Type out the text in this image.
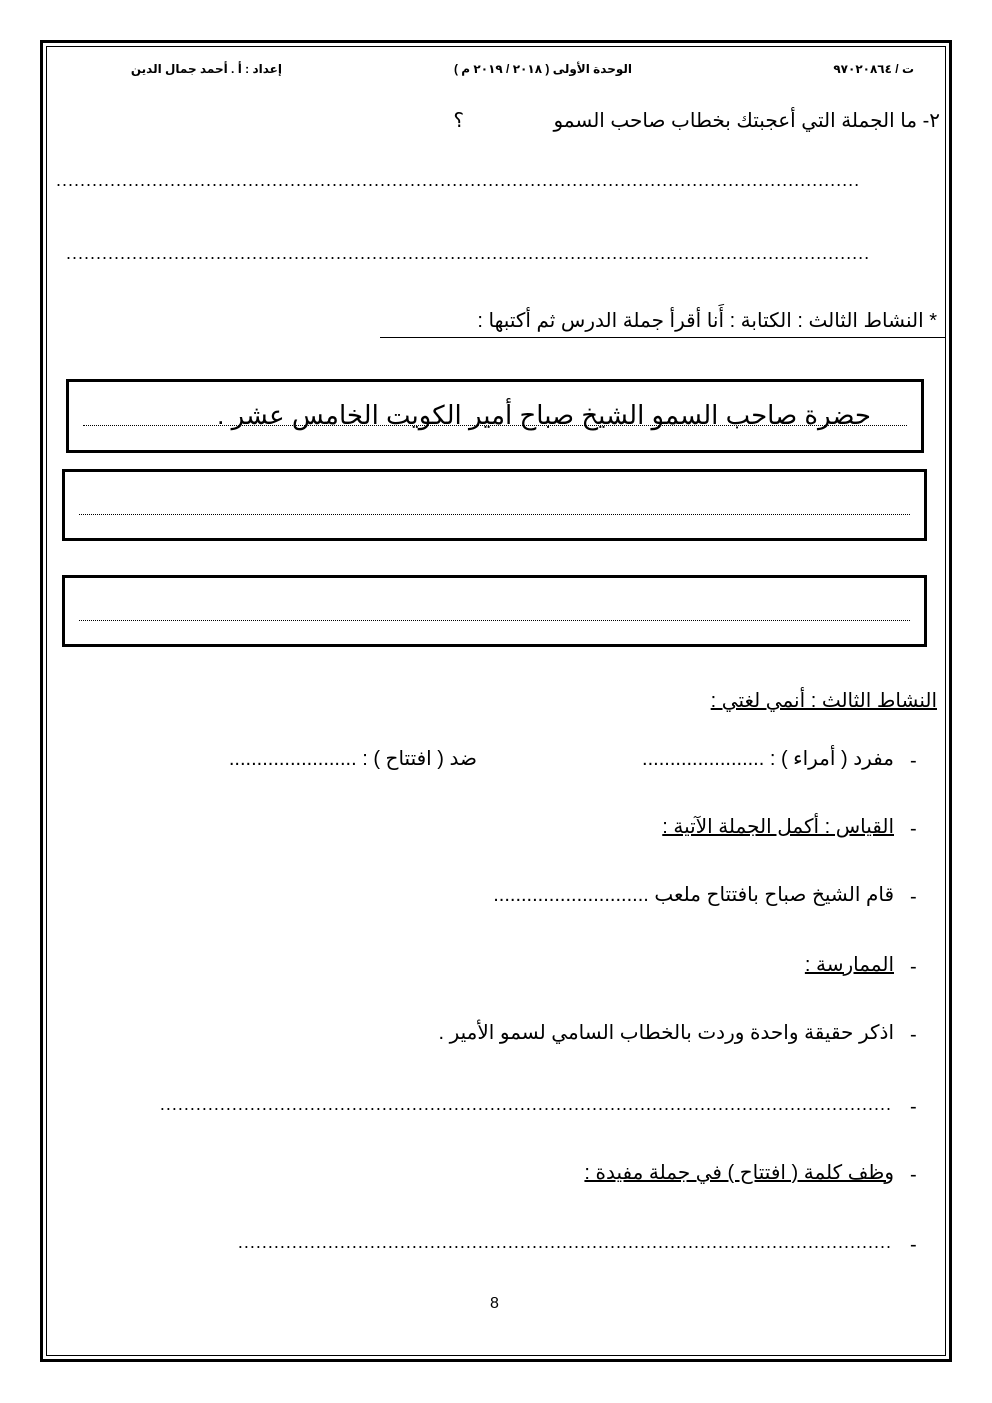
ت / ٩٧٠٢٠٨٦٤
الوحدة الأولى ( ٢٠١٨ / ٢٠١٩ م )
إعداد : أ . أحمد جمال الدين
٢- ما الجملة التي أعجبتك بخطاب صاحب السمو
؟
......................................................................................................................................
......................................................................................................................................
* النشاط الثالث : الكتابة : أَنا أقرأ جملة الدرس ثم أكتبها :
حضرة صاحب السمو الشيخ صباح أمير الكويت الخامس عشر .
النشاط الثالث : أنمي لغتي :
-
مفرد ( أمراء ) : ......................
ضد ( افتتاح ) : .......................
-
القياس : أكمل الجملة الآتية :
-
قام الشيخ صباح بافتتاح ملعب ............................
-
الممارسة :
-
اذكر حقيقة واحدة وردت بالخطاب السامي لسمو الأمير .
-
..........................................................................................................................
-
وظف كلمة ( افتتاح ) في جملة مفيدة :
-
.............................................................................................................
8
